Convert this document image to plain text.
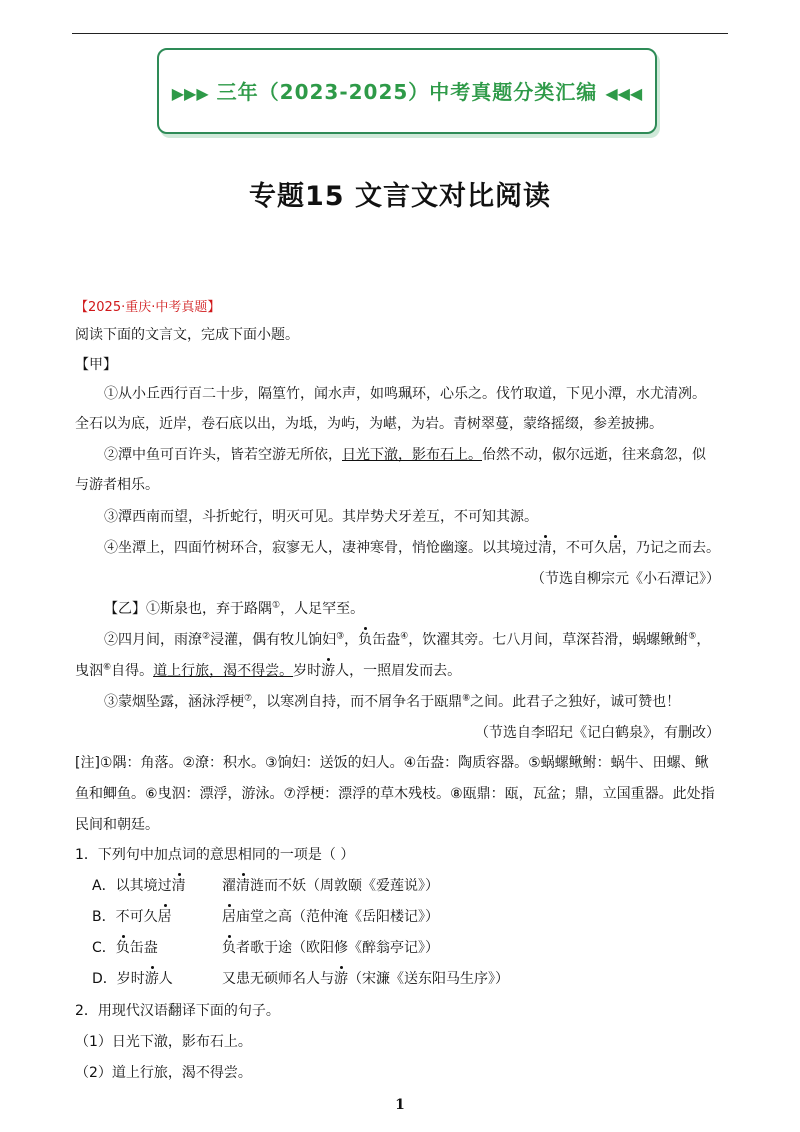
▶▶▶ 三年（2023-2025）中考真题分类汇编 ◀◀◀
专题15 文言文对比阅读
【2025·重庆·中考真题】
阅读下面的文言文，完成下面小题。
【甲】
①从小丘西行百二十步，隔篁竹，闻水声，如鸣珮环，心乐之。伐竹取道，下见小潭，水尤清冽。
全石以为底，近岸，卷石底以出，为坻，为屿，为嵁，为岩。青树翠蔓，蒙络摇缀，参差披拂。
②潭中鱼可百许头，皆若空游无所依，日光下澈，影布石上。佁然不动，俶尔远逝，往来翕忽，似
与游者相乐。
③潭西南而望，斗折蛇行，明灭可见。其岸势犬牙差互，不可知其源。
④坐潭上，四面竹树环合，寂寥无人，凄神寒骨，悄怆幽邃。以其境过清，不可久居，乃记之而去。
（节选自柳宗元《小石潭记》）
【乙】①斯泉也，弃于路隅①，人足罕至。
②四月间，雨潦②浸灌，偶有牧儿饷妇③，负缶盎④，饮濯其旁。七八月间，草深苔滑，蜗螺鳅鲋⑤，
曳泅⑥自得。道上行旅，渴不得尝。岁时游人，一照眉发而去。
③蒙烟坠露，涵泳浮梗⑦，以寒冽自持，而不屑争名于瓯鼎⑧之间。此君子之独好，诚可赞也！
（节选自李昭玘《记白鹤泉》，有删改）
[注]①隅：角落。②潦：积水。③饷妇：送饭的妇人。④缶盎：陶质容器。⑤蜗螺鳅鲋：蜗牛、田螺、鳅
鱼和鲫鱼。⑥曳泅：漂浮，游泳。⑦浮梗：漂浮的草木残枝。⑧瓯鼎：瓯，瓦盆；鼎，立国重器。此处指
民间和朝廷。
1．下列句中加点词的意思相同的一项是（ ）
A．以其境过清	濯清涟而不妖（周敦颐《爱莲说》）
B．不可久居	居庙堂之高（范仲淹《岳阳楼记》）
C．负缶盎	负者歌于途（欧阳修《醉翁亭记》）
D．岁时游人	又患无硕师名人与游（宋濂《送东阳马生序》）
2．用现代汉语翻译下面的句子。
（1）日光下澈，影布石上。
（2）道上行旅，渴不得尝。
1
